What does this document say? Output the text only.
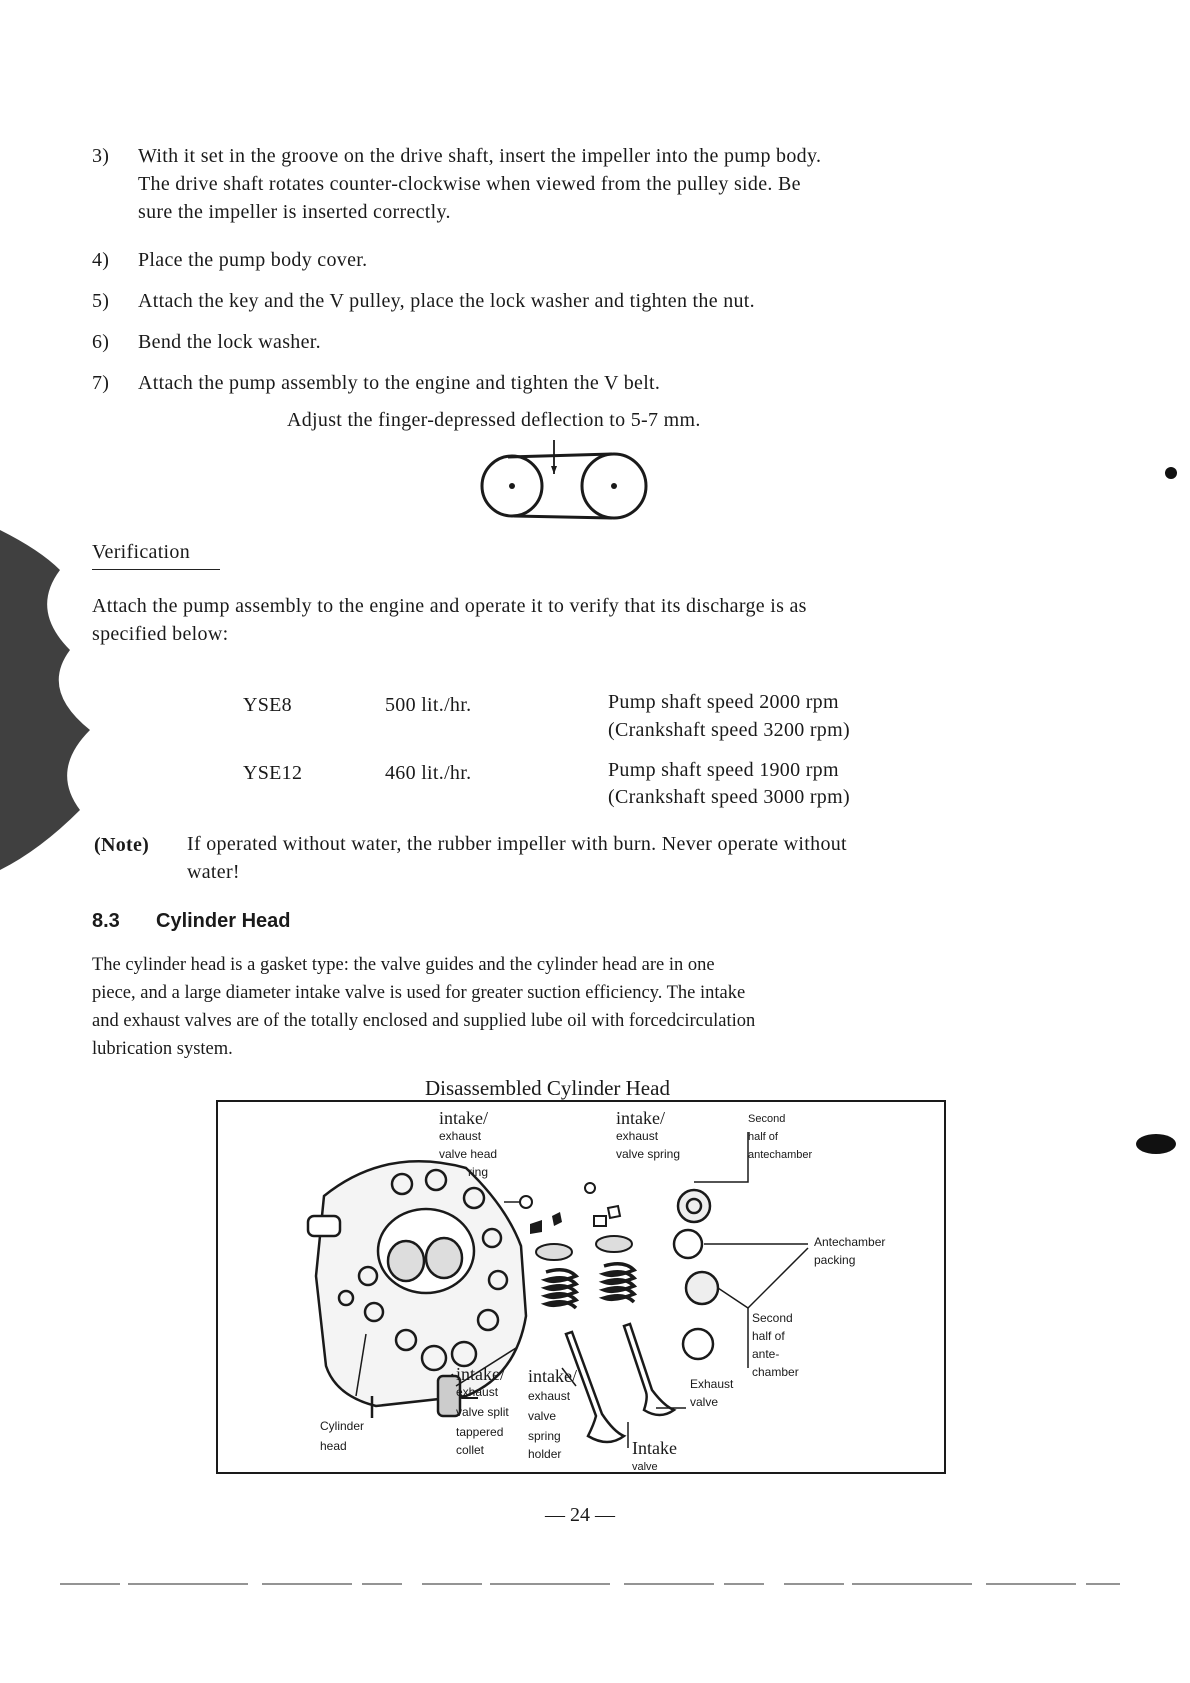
3) With it set in the groove on the drive shaft, insert the impeller into the pump body.
The drive shaft rotates counter-clockwise when viewed from the pulley side. Be
sure the impeller is inserted correctly.
4) Place the pump body cover.
5) Attach the key and the V pulley, place the lock washer and tighten the nut.
6) Bend the lock washer.
7) Attach the pump assembly to the engine and tighten the V belt.
Adjust the finger-depressed deflection to 5-7 mm.
Verification
Attach the pump assembly to the engine and operate it to verify that its discharge is as
specified below:
YSE8	500 lit./hr.	Pump shaft speed 2000 rpm
(Crankshaft speed 3200 rpm)
YSE12	460 lit./hr.	Pump shaft speed 1900 rpm
(Crankshaft speed 3000 rpm)
(Note) If operated without water, the rubber impeller with burn. Never operate without
water!
8.3 Cylinder Head
The cylinder head is a gasket type: the valve guides and the cylinder head are in one
piece, and a large diameter intake valve is used for greater suction efficiency. The intake
and exhaust valves are of the totally enclosed and supplied lube oil with forcedcirculation
lubrication system.
Disassembled Cylinder Head
intake/
exhaust
valve head
ring
intake/
exhaust
valve spring
Second
half of
antechamber
Antechamber
packing
Second
half of
ante-
chamber
Exhaust
valve
Intake
valve
intake/
exhaust
valve
spring
holder
intake/
exhaust
valve split
tappered
collet
Cylinder
head
— 24 —
